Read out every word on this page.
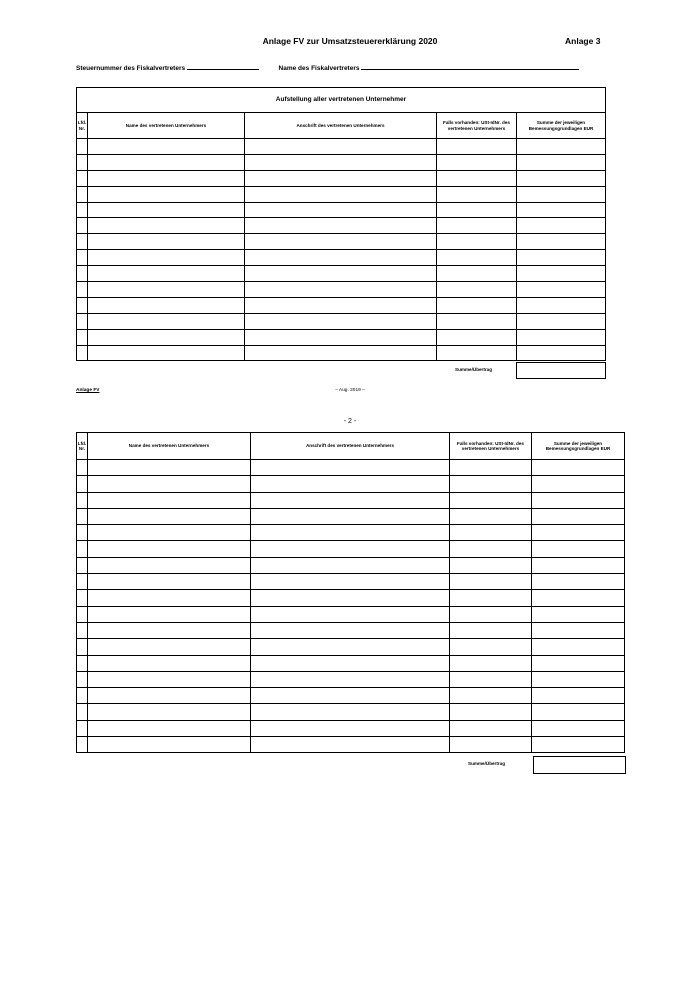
Anlage FV zur Umsatzsteuererklärung 2020	Anlage 3
Steuernummer des Fiskalvertreters	Name des Fiskalvertreters
Aufstellung aller vertretenen Unternehmer				
Lfd. Nr.	Name des vertretenen Unternehmers	Anschrift des vertretenen Unternehmers	Falls vorhanden: USt-IdNr. des vertretenen Unternehmers	Summe der jeweiligen Bemessungsgrundlagen EUR

Summe/Übertrag
Anlage FV	– Aug. 2019 –
- 2 -
Lfd. Nr.	Name des vertretenen Unternehmers	Anschrift des vertretenen Unternehmers	Falls vorhanden: USt-IdNr. des vertretenen Unternehmers	Summe der jeweiligen Bemessungsgrundlagen EUR

Summe/Übertrag
